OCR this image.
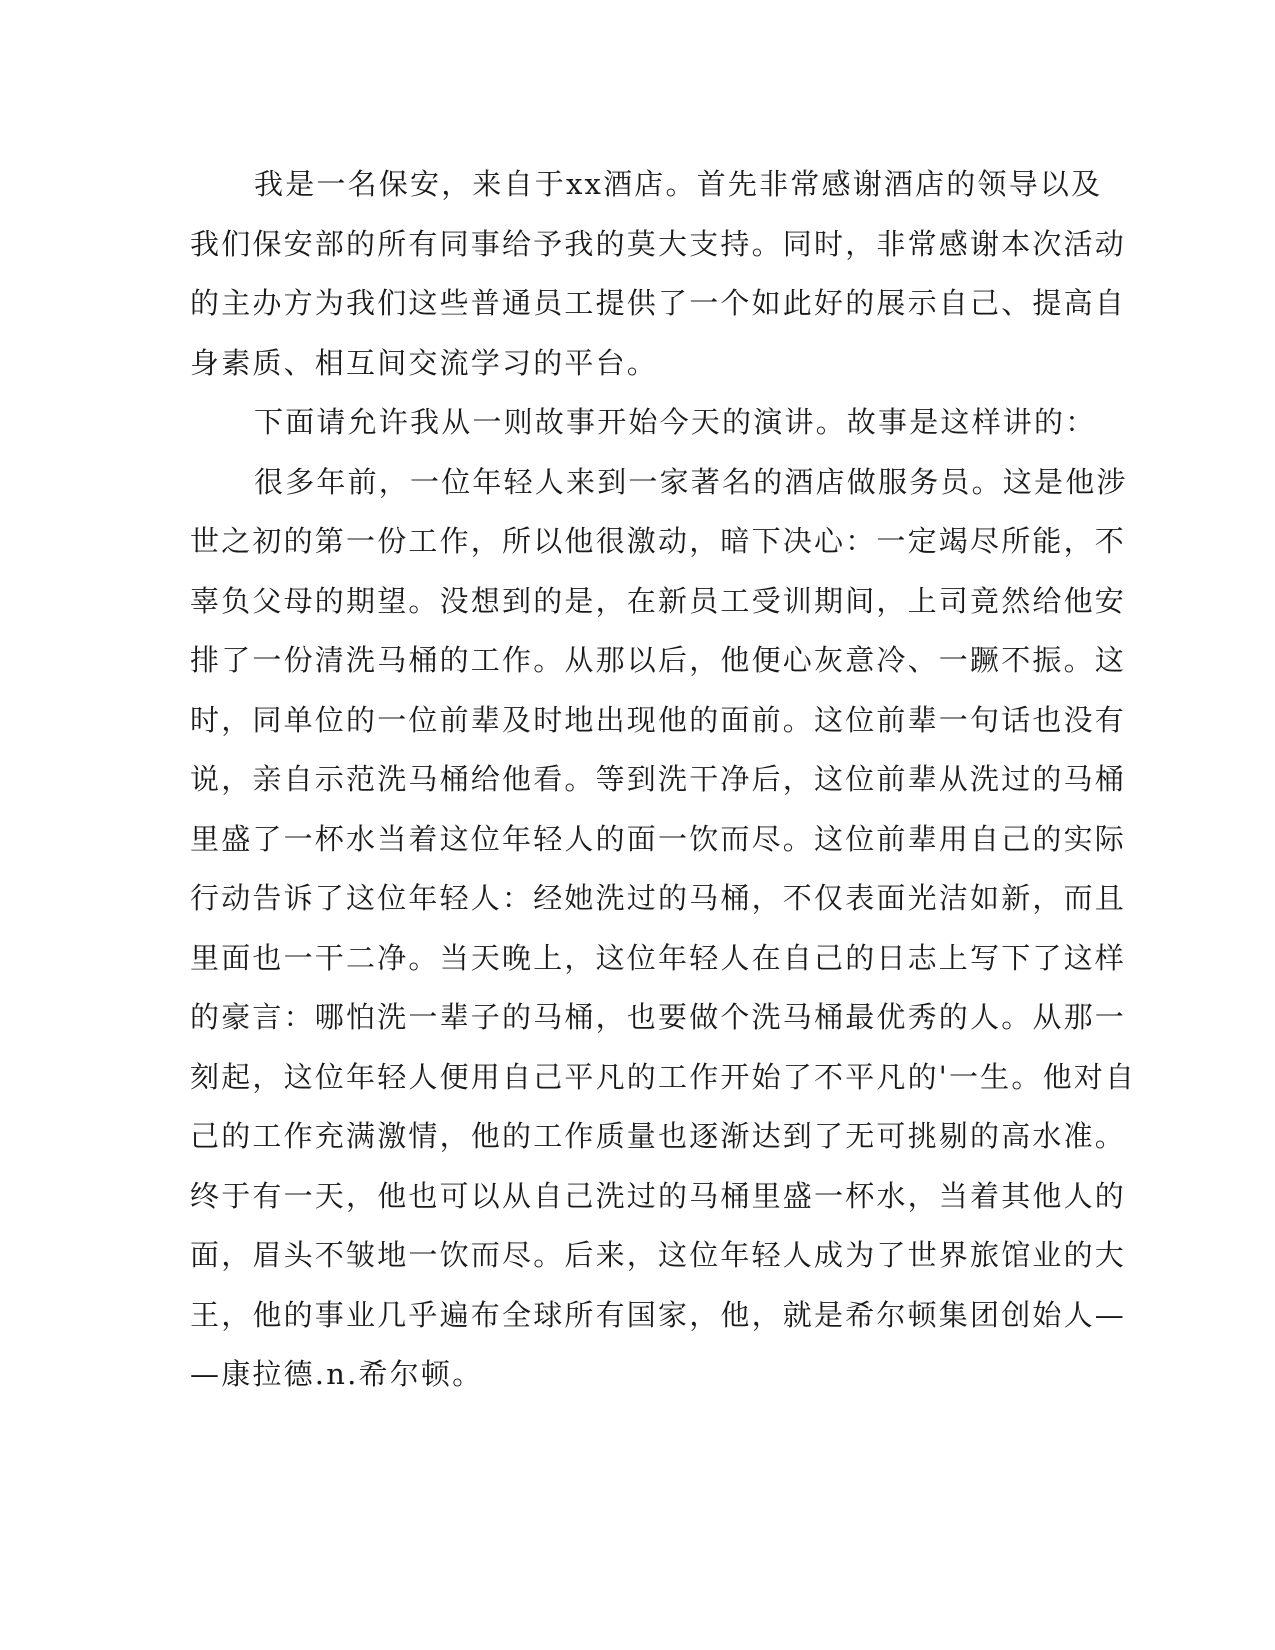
我是一名保安，来自于xx酒店。首先非常感谢酒店的领导以及
我们保安部的所有同事给予我的莫大支持。同时，非常感谢本次活动
的主办方为我们这些普通员工提供了一个如此好的展示自己、提高自
身素质、相互间交流学习的平台。
下面请允许我从一则故事开始今天的演讲。故事是这样讲的：
很多年前，一位年轻人来到一家著名的酒店做服务员。这是他涉
世之初的第一份工作，所以他很激动，暗下决心：一定竭尽所能，不
辜负父母的期望。没想到的是，在新员工受训期间，上司竟然给他安
排了一份清洗马桶的工作。从那以后，他便心灰意冷、一蹶不振。这
时，同单位的一位前辈及时地出现他的面前。这位前辈一句话也没有
说，亲自示范洗马桶给他看。等到洗干净后，这位前辈从洗过的马桶
里盛了一杯水当着这位年轻人的面一饮而尽。这位前辈用自己的实际
行动告诉了这位年轻人：经她洗过的马桶，不仅表面光洁如新，而且
里面也一干二净。当天晚上，这位年轻人在自己的日志上写下了这样
的豪言：哪怕洗一辈子的马桶，也要做个洗马桶最优秀的人。从那一
刻起，这位年轻人便用自己平凡的工作开始了不平凡的'一生。他对自
己的工作充满激情，他的工作质量也逐渐达到了无可挑剔的高水准。
终于有一天，他也可以从自己洗过的马桶里盛一杯水，当着其他人的
面，眉头不皱地一饮而尽。后来，这位年轻人成为了世界旅馆业的大
王，他的事业几乎遍布全球所有国家，他，就是希尔顿集团创始人—
—康拉德.n.希尔顿。
